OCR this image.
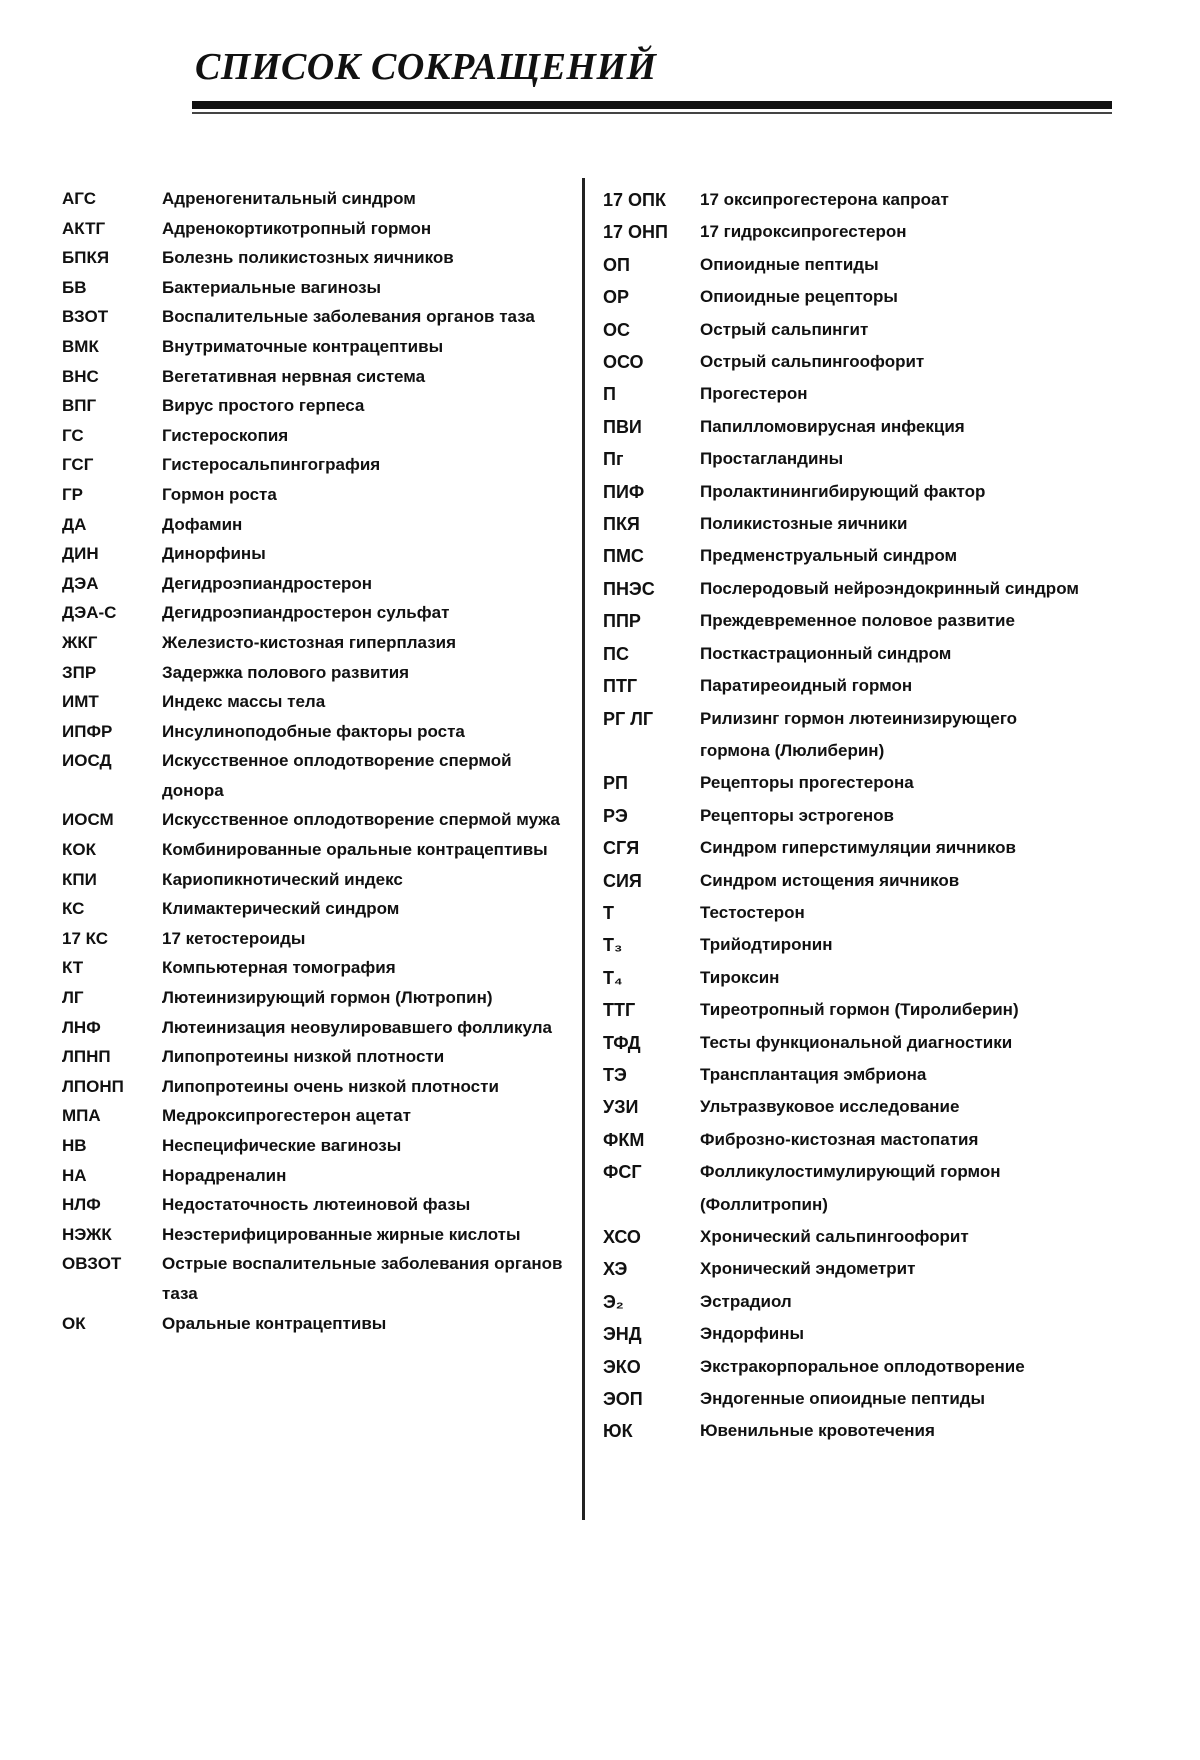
СПИСОК СОКРАЩЕНИЙ
АГС	Адреногенитальный синдром
АКТГ	Адренокортикотропный гормон
БПКЯ	Болезнь поликистозных яичников
БВ	Бактериальные вагинозы
ВЗОТ	Воспалительные заболевания органов таза
ВМК	Внутриматочные контрацептивы
ВНС	Вегетативная нервная система
ВПГ	Вирус простого герпеса
ГС	Гистероскопия
ГСГ	Гистеросальпингография
ГР	Гормон роста
ДА	Дофамин
ДИН	Динорфины
ДЭА	Дегидроэпиандростерон
ДЭА-С	Дегидроэпиандростерон сульфат
ЖКГ	Железисто-кистозная гиперплазия
ЗПР	Задержка полового развития
ИМТ	Индекс массы тела
ИПФР	Инсулиноподобные факторы роста
ИОСД	Искусственное оплодотворение спермой донора
ИОСМ	Искусственное оплодотворение спермой мужа
КОК	Комбинированные оральные контрацептивы
КПИ	Кариопикнотический индекс
КС	Климактерический синдром
17 КС	17 кетостероиды
КТ	Компьютерная томография
ЛГ	Лютеинизирующий гормон (Лютропин)
ЛНФ	Лютеинизация неовулировавшего фолликула
ЛПНП	Липопротеины низкой плотности
ЛПОНП	Липопротеины очень низкой плотности
МПА	Медроксипрогестерон ацетат
НВ	Неспецифические вагинозы
НА	Норадреналин
НЛФ	Недостаточность лютеиновой фазы
НЭЖК	Неэстерифицированные жирные кислоты
ОВЗОТ	Острые воспалительные заболевания органов таза
ОК	Оральные контрацептивы
17 ОПК	17 оксипрогестерона капроат
17 ОНП	17 гидроксипрогестерон
ОП	Опиоидные пептиды
ОР	Опиоидные рецепторы
ОС	Острый сальпингит
ОСО	Острый сальпингоофорит
П	Прогестерон
ПВИ	Папилломовирусная инфекция
Пг	Простагландины
ПИФ	Пролактинингибирующий фактор
ПКЯ	Поликистозные яичники
ПМС	Предменструальный синдром
ПНЭС	Послеродовый нейроэндокринный синдром
ППР	Преждевременное половое развитие
ПС	Посткастрационный синдром
ПТГ	Паратиреоидный гормон
РГ ЛГ	Рилизинг гормон лютеинизирующего гормона (Люлиберин)
РП	Рецепторы прогестерона
РЭ	Рецепторы эстрогенов
СГЯ	Синдром гиперстимуляции яичников
СИЯ	Синдром истощения яичников
Т	Тестостерон
Т₃	Трийодтиронин
Т₄	Тироксин
ТТГ	Тиреотропный гормон (Тиролиберин)
ТФД	Тесты функциональной диагностики
ТЭ	Трансплантация эмбриона
УЗИ	Ультразвуковое исследование
ФКМ	Фиброзно-кистозная мастопатия
ФСГ	Фолликулостимулирующий гормон (Фоллитропин)
ХСО	Хронический сальпингоофорит
ХЭ	Хронический эндометрит
Э₂	Эстрадиол
ЭНД	Эндорфины
ЭКО	Экстракорпоральное оплодотворение
ЭОП	Эндогенные опиоидные пептиды
ЮК	Ювенильные кровотечения
